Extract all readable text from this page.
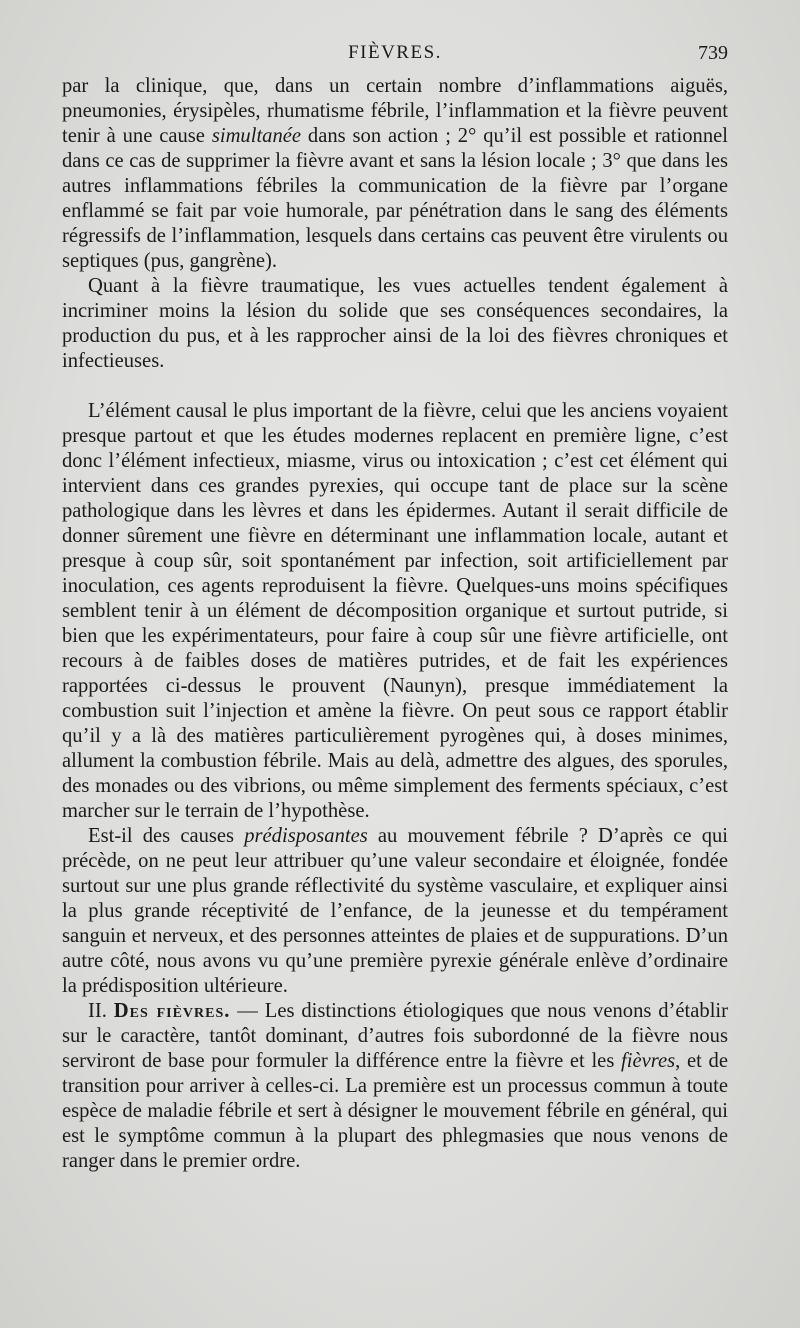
FIÈVRES.	739

par la clinique, que, dans un certain nombre d’inflammations aiguës, pneumonies, érysipèles, rhumatisme fébrile, l’inflammation et la fièvre peuvent tenir à une cause simultanée dans son action ; 2° qu’il est possible et rationnel dans ce cas de supprimer la fièvre avant et sans la lésion locale ; 3° que dans les autres inflammations fébriles la communication de la fièvre par l’organe enflammé se fait par voie humorale, par pénétration dans le sang des éléments régressifs de l’inflammation, lesquels dans certains cas peuvent être virulents ou septiques (pus, gangrène).

Quant à la fièvre traumatique, les vues actuelles tendent également à incriminer moins la lésion du solide que ses conséquences secondaires, la production du pus, et à les rapprocher ainsi de la loi des fièvres chroniques et infectieuses.

L’élément causal le plus important de la fièvre, celui que les anciens voyaient presque partout et que les études modernes replacent en première ligne, c’est donc l’élément infectieux, miasme, virus ou intoxication ; c’est cet élément qui intervient dans ces grandes pyrexies, qui occupe tant de place sur la scène pathologique dans les lèvres et dans les épidermes. Autant il serait difficile de donner sûrement une fièvre en déterminant une inflammation locale, autant et presque à coup sûr, soit spontanément par infection, soit artificiellement par inoculation, ces agents reproduisent la fièvre. Quelques-uns moins spécifiques semblent tenir à un élément de décomposition organique et surtout putride, si bien que les expérimentateurs, pour faire à coup sûr une fièvre artificielle, ont recours à de faibles doses de matières putrides, et de fait les expériences rapportées ci-dessus le prouvent (Naunyn), presque immédiatement la combustion suit l’injection et amène la fièvre. On peut sous ce rapport établir qu’il y a là des matières particulièrement pyrogènes qui, à doses minimes, allument la combustion fébrile. Mais au delà, admettre des algues, des sporules, des monades ou des vibrions, ou même simplement des ferments spéciaux, c’est marcher sur le terrain de l’hypothèse.

Est-il des causes prédisposantes au mouvement fébrile ? D’après ce qui précède, on ne peut leur attribuer qu’une valeur secondaire et éloignée, fondée surtout sur une plus grande réflectivité du système vasculaire, et expliquer ainsi la plus grande réceptivité de l’enfance, de la jeunesse et du tempérament sanguin et nerveux, et des personnes atteintes de plaies et de suppurations. D’un autre côté, nous avons vu qu’une première pyrexie générale enlève d’ordinaire la prédisposition ultérieure.

II. Des fièvres. — Les distinctions étiologiques que nous venons d’établir sur le caractère, tantôt dominant, d’autres fois subordonné de la fièvre nous serviront de base pour formuler la différence entre la fièvre et les fièvres, et de transition pour arriver à celles-ci. La première est un processus commun à toute espèce de maladie fébrile et sert à désigner le mouvement fébrile en général, qui est le symptôme commun à la plupart des phlegmasies que nous venons de ranger dans le premier ordre.
